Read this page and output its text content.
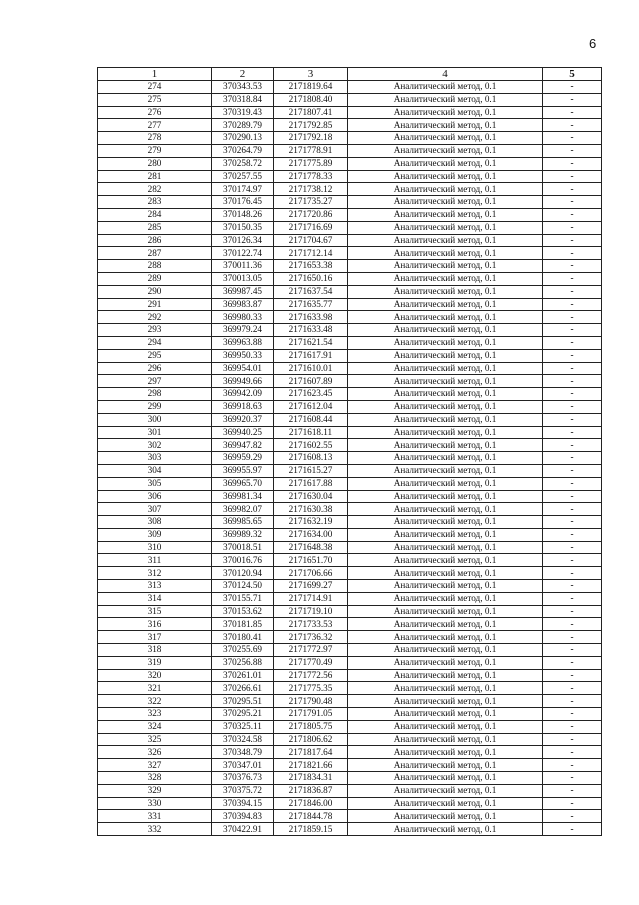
6
1	2	3	4	5
274	370343.53	2171819.64	Аналитический метод, 0.1	-
275	370318.84	2171808.40	Аналитический метод, 0.1	-
276	370319.43	2171807.41	Аналитический метод, 0.1	-
277	370289.79	2171792.85	Аналитический метод, 0.1	-
278	370290.13	2171792.18	Аналитический метод, 0.1	-
279	370264.79	2171778.91	Аналитический метод, 0.1	-
280	370258.72	2171775.89	Аналитический метод, 0.1	-
281	370257.55	2171778.33	Аналитический метод, 0.1	-
282	370174.97	2171738.12	Аналитический метод, 0.1	-
283	370176.45	2171735.27	Аналитический метод, 0.1	-
284	370148.26	2171720.86	Аналитический метод, 0.1	-
285	370150.35	2171716.69	Аналитический метод, 0.1	-
286	370126.34	2171704.67	Аналитический метод, 0.1	-
287	370122.74	2171712.14	Аналитический метод, 0.1	-
288	370011.36	2171653.38	Аналитический метод, 0.1	-
289	370013.05	2171650.16	Аналитический метод, 0.1	-
290	369987.45	2171637.54	Аналитический метод, 0.1	-
291	369983.87	2171635.77	Аналитический метод, 0.1	-
292	369980.33	2171633.98	Аналитический метод, 0.1	-
293	369979.24	2171633.48	Аналитический метод, 0.1	-
294	369963.88	2171621.54	Аналитический метод, 0.1	-
295	369950.33	2171617.91	Аналитический метод, 0.1	-
296	369954.01	2171610.01	Аналитический метод, 0.1	-
297	369949.66	2171607.89	Аналитический метод, 0.1	-
298	369942.09	2171623.45	Аналитический метод, 0.1	-
299	369918.63	2171612.04	Аналитический метод, 0.1	-
300	369920.37	2171608.44	Аналитический метод, 0.1	-
301	369940.25	2171618.11	Аналитический метод, 0.1	-
302	369947.82	2171602.55	Аналитический метод, 0.1	-
303	369959.29	2171608.13	Аналитический метод, 0.1	-
304	369955.97	2171615.27	Аналитический метод, 0.1	-
305	369965.70	2171617.88	Аналитический метод, 0.1	-
306	369981.34	2171630.04	Аналитический метод, 0.1	-
307	369982.07	2171630.38	Аналитический метод, 0.1	-
308	369985.65	2171632.19	Аналитический метод, 0.1	-
309	369989.32	2171634.00	Аналитический метод, 0.1	-
310	370018.51	2171648.38	Аналитический метод, 0.1	-
311	370016.76	2171651.70	Аналитический метод, 0.1	-
312	370120.94	2171706.66	Аналитический метод, 0.1	-
313	370124.50	2171699.27	Аналитический метод, 0.1	-
314	370155.71	2171714.91	Аналитический метод, 0.1	-
315	370153.62	2171719.10	Аналитический метод, 0.1	-
316	370181.85	2171733.53	Аналитический метод, 0.1	-
317	370180.41	2171736.32	Аналитический метод, 0.1	-
318	370255.69	2171772.97	Аналитический метод, 0.1	-
319	370256.88	2171770.49	Аналитический метод, 0.1	-
320	370261.01	2171772.56	Аналитический метод, 0.1	-
321	370266.61	2171775.35	Аналитический метод, 0.1	-
322	370295.51	2171790.48	Аналитический метод, 0.1	-
323	370295.21	2171791.05	Аналитический метод, 0.1	-
324	370325.11	2171805.75	Аналитический метод, 0.1	-
325	370324.58	2171806.62	Аналитический метод, 0.1	-
326	370348.79	2171817.64	Аналитический метод, 0.1	-
327	370347.01	2171821.66	Аналитический метод, 0.1	-
328	370376.73	2171834.31	Аналитический метод, 0.1	-
329	370375.72	2171836.87	Аналитический метод, 0.1	-
330	370394.15	2171846.00	Аналитический метод, 0.1	-
331	370394.83	2171844.78	Аналитический метод, 0.1	-
332	370422.91	2171859.15	Аналитический метод, 0.1	-
